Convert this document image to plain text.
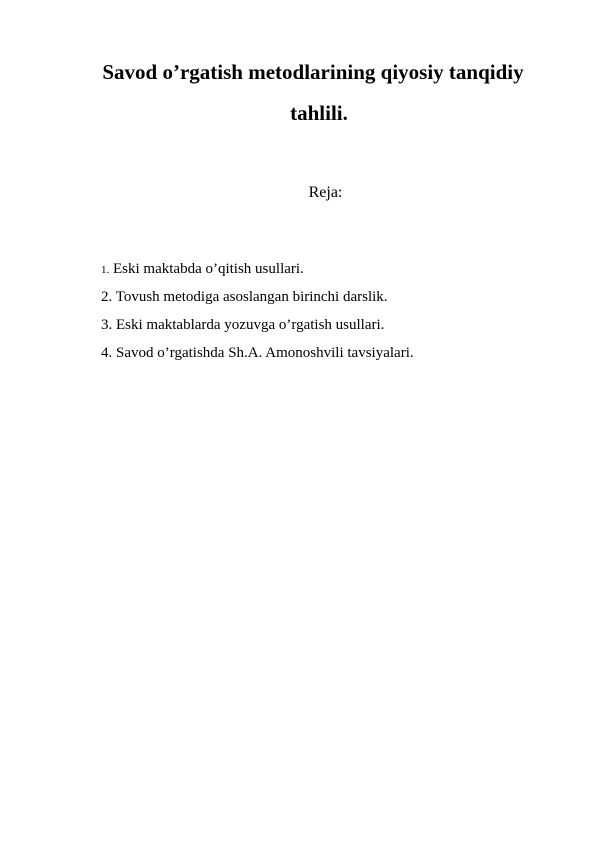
Savod o’rgatish metodlarining qiyosiy tanqidiy
tahlili.
Reja:
1. Eski maktabda o’qitish usullari.
2. Tovush metodiga asoslangan birinchi darslik.
3. Eski maktablarda yozuvga o’rgatish usullari.
4. Savod o’rgatishda Sh.A. Amonoshvili tavsiyalari.
